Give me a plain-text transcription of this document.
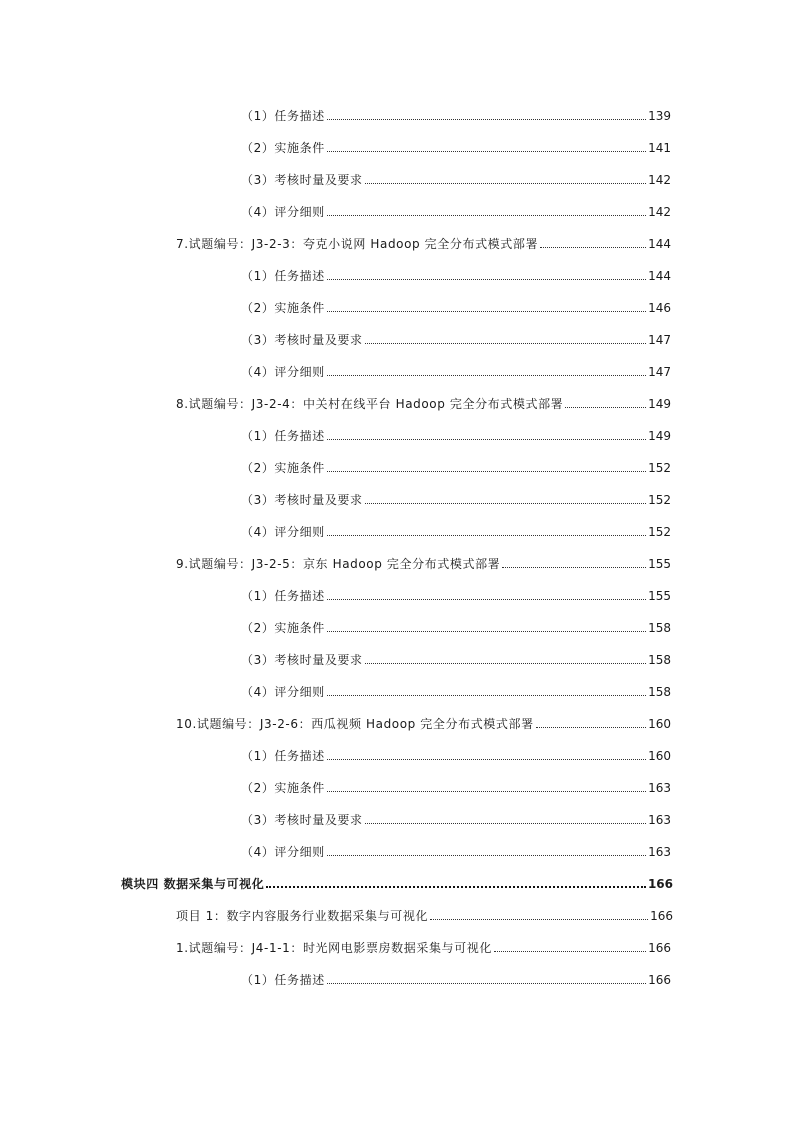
（1）任务描述	139
（2）实施条件	141
（3）考核时量及要求	142
（4）评分细则	142
7.试题编号：J3-2-3：夸克小说网 Hadoop 完全分布式模式部署	144
（1）任务描述	144
（2）实施条件	146
（3）考核时量及要求	147
（4）评分细则	147
8.试题编号：J3-2-4：中关村在线平台 Hadoop 完全分布式模式部署	149
（1）任务描述	149
（2）实施条件	152
（3）考核时量及要求	152
（4）评分细则	152
9.试题编号：J3-2-5：京东 Hadoop 完全分布式模式部署	155
（1）任务描述	155
（2）实施条件	158
（3）考核时量及要求	158
（4）评分细则	158
10.试题编号：J3-2-6：西瓜视频 Hadoop 完全分布式模式部署	160
（1）任务描述	160
（2）实施条件	163
（3）考核时量及要求	163
（4）评分细则	163
模块四 数据采集与可视化	166
项目 1：数字内容服务行业数据采集与可视化	166
1.试题编号：J4-1-1：时光网电影票房数据采集与可视化	166
（1）任务描述	166
